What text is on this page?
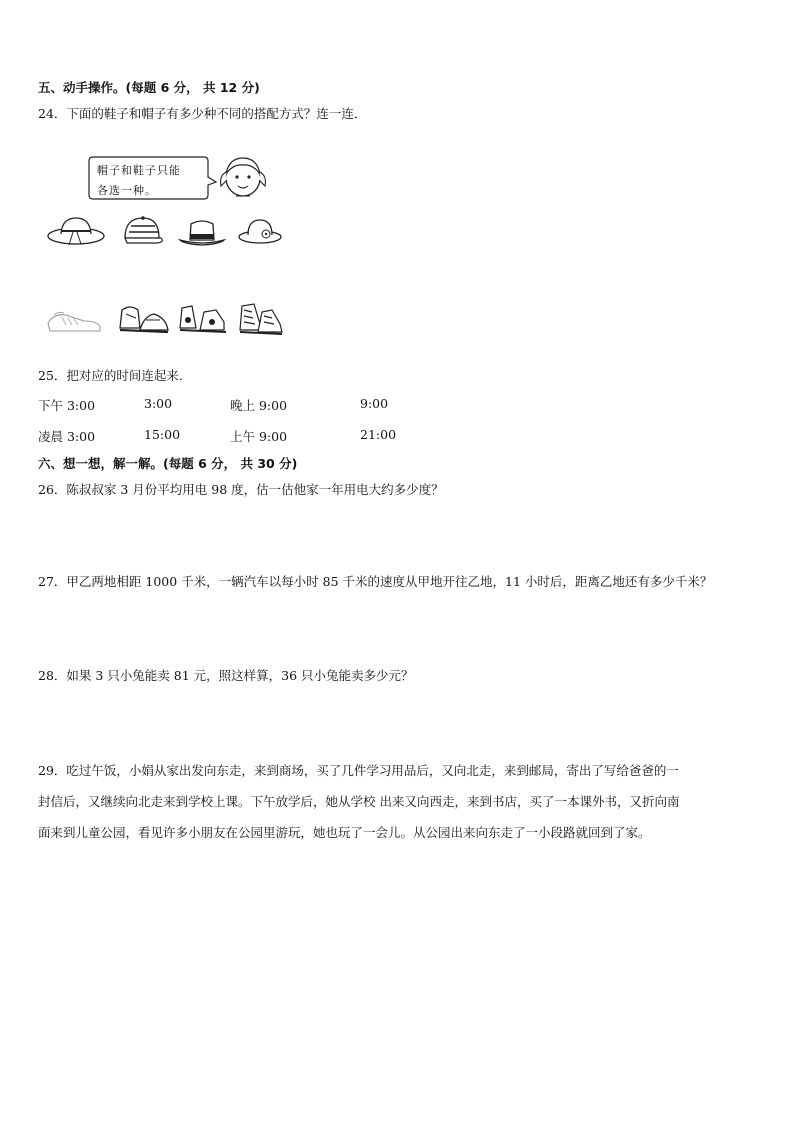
五、动手操作。(每题 6 分， 共 12 分)
24．下面的鞋子和帽子有多少种不同的搭配方式？连一连．
帽子和鞋子只能
各选一种。
25．把对应的时间连起来．
下午 3:00	3:00	晚上 9:00	9:00
凌晨 3:00	15:00	上午 9:00	21:00
六、想一想，解一解。(每题 6 分， 共 30 分)
26．陈叔叔家 3 月份平均用电 98 度，估一估他家一年用电大约多少度？
27．甲乙两地相距 1000 千米，一辆汽车以每小时 85 千米的速度从甲地开往乙地，11 小时后，距离乙地还有多少千米？
28．如果 3 只小兔能卖 81 元，照这样算，36 只小兔能卖多少元？
29．吃过午饭，小娟从家出发向东走，来到商场，买了几件学习用品后，又向北走，来到邮局，寄出了写给爸爸的一
封信后，又继续向北走来到学校上课。下午放学后，她从学校 出来又向西走，来到书店，买了一本课外书，又折向南
面来到儿童公园，看见许多小朋友在公园里游玩，她也玩了一会儿。从公园出来向东走了一小段路就回到了家。
